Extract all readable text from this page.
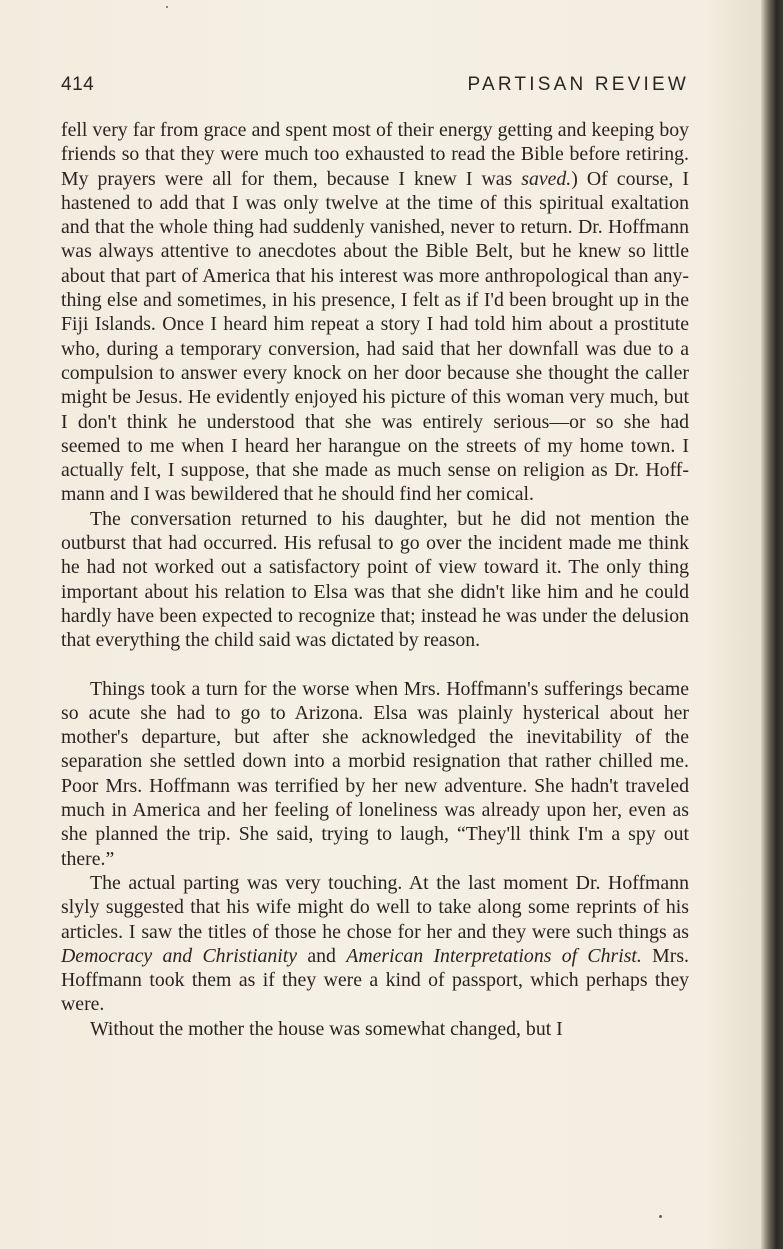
414	PARTISAN REVIEW

fell very far from grace and spent most of their energy getting and keeping boy friends so that they were much too exhausted to read the Bible before retiring. My prayers were all for them, because I knew I was saved.) Of course, I hastened to add that I was only twelve at the time of this spiritual exaltation and that the whole thing had suddenly vanished, never to return. Dr. Hoffmann was always attentive to anecdotes about the Bible Belt, but he knew so little about that part of America that his interest was more anthropological than anything else and sometimes, in his presence, I felt as if I'd been brought up in the Fiji Islands. Once I heard him repeat a story I had told him about a prostitute who, during a temporary conversion, had said that her downfall was due to a compulsion to answer every knock on her door because she thought the caller might be Jesus. He evidently enjoyed his picture of this woman very much, but I don't think he understood that she was entirely serious—or so she had seemed to me when I heard her harangue on the streets of my home town. I actually felt, I suppose, that she made as much sense on religion as Dr. Hoffmann and I was bewildered that he should find her comical.

The conversation returned to his daughter, but he did not mention the outburst that had occurred. His refusal to go over the incident made me think he had not worked out a satisfactory point of view toward it. The only thing important about his relation to Elsa was that she didn't like him and he could hardly have been expected to recognize that; instead he was under the delusion that everything the child said was dictated by reason.

Things took a turn for the worse when Mrs. Hoffmann's sufferings became so acute she had to go to Arizona. Elsa was plainly hysterical about her mother's departure, but after she acknowledged the inevitability of the separation she settled down into a morbid resignation that rather chilled me. Poor Mrs. Hoffmann was terrified by her new adventure. She hadn't traveled much in America and her feeling of loneliness was already upon her, even as she planned the trip. She said, trying to laugh, “They'll think I'm a spy out there.”

The actual parting was very touching. At the last moment Dr. Hoffmann slyly suggested that his wife might do well to take along some reprints of his articles. I saw the titles of those he chose for her and they were such things as Democracy and Christianity and American Interpretations of Christ. Mrs. Hoffmann took them as if they were a kind of passport, which perhaps they were.

Without the mother the house was somewhat changed, but I
